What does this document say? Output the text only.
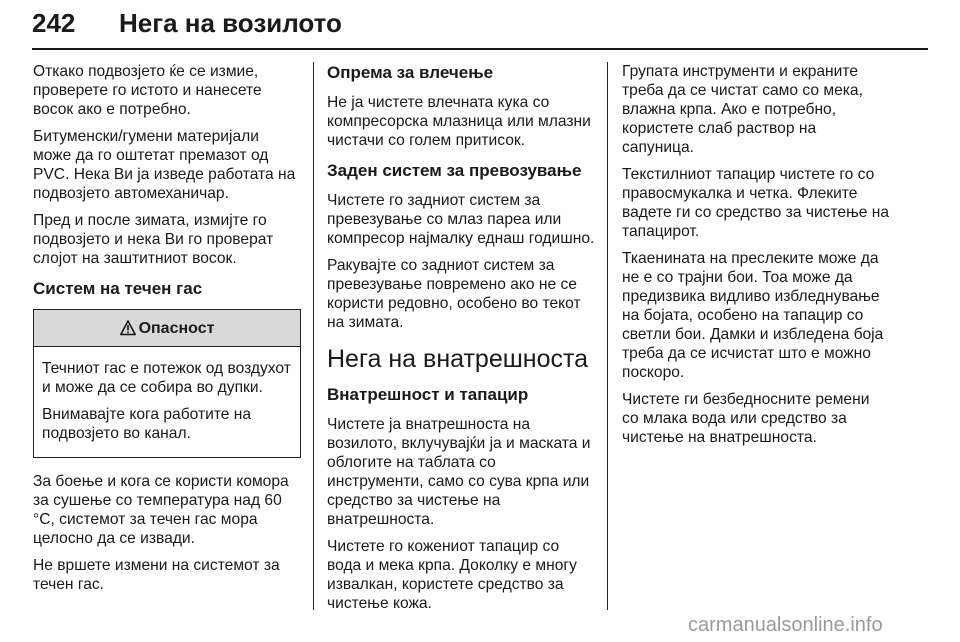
242 Нега на возилото

Откако подвозјето ќе се измие, проверете го истото и нанесете восок ако е потребно.

Битуменски/гумени материјали може да го оштетат премазот од PVC. Нека Ви ја изведе работата на подвозјето автомеханичар.

Пред и после зимата, измијте го подвозјето и нека Ви го проверат слојот на заштитниот восок.

Систем на течен гас
Опасност

Течниот гас е потежок од воздухот и може да се собира во дупки.

Внимавајте кога работите на подвозјето во канал.

За боење и кога се користи комора за сушење со температура над 60 °C, системот за течен гас мора целосно да се извади.

Не вршете измени на системот за течен гас.

Опрема за влечење

Не ја чистете влечната кука со компресорска млазница или млазни чистачи со голем притисок.

Заден систем за превозување

Чистете го задниот систем за превезување со млаз пареа или компресор најмалку еднаш годишно.

Ракувајте со задниот систем за превезување повремено ако не се користи редовно, особено во текот на зимата.

Нега на внатрешноста
Внатрешност и тапацир

Чистете ја внатрешноста на возилото, вклучувајќи ја и маската и облогите на таблата со инструменти, само со сува крпа или средство за чистење на внатрешноста.

Чистете го кожениот тапацир со вода и мека крпа. Доколку е многу извалкан, користете средство за чистење кожа.

Групата инструменти и екраните треба да се чистат само со мека, влажна крпа. Ако е потребно, користете слаб раствор на сапуница.

Текстилниот тапацир чистете го со правосмукалка и четка. Флеките вадете ги со средство за чистење на тапацирот.

Ткаенината на преслеките може да не е со трајни бои. Тоа може да предизвика видливо избледнување на бојата, особено на тапацир со светли бои. Дамки и избледена боја треба да се исчистат што е можно поскоро.

Чистете ги безбедносните ремени со млака вода или средство за чистење на внатрешноста.

carmanualsonline.info
